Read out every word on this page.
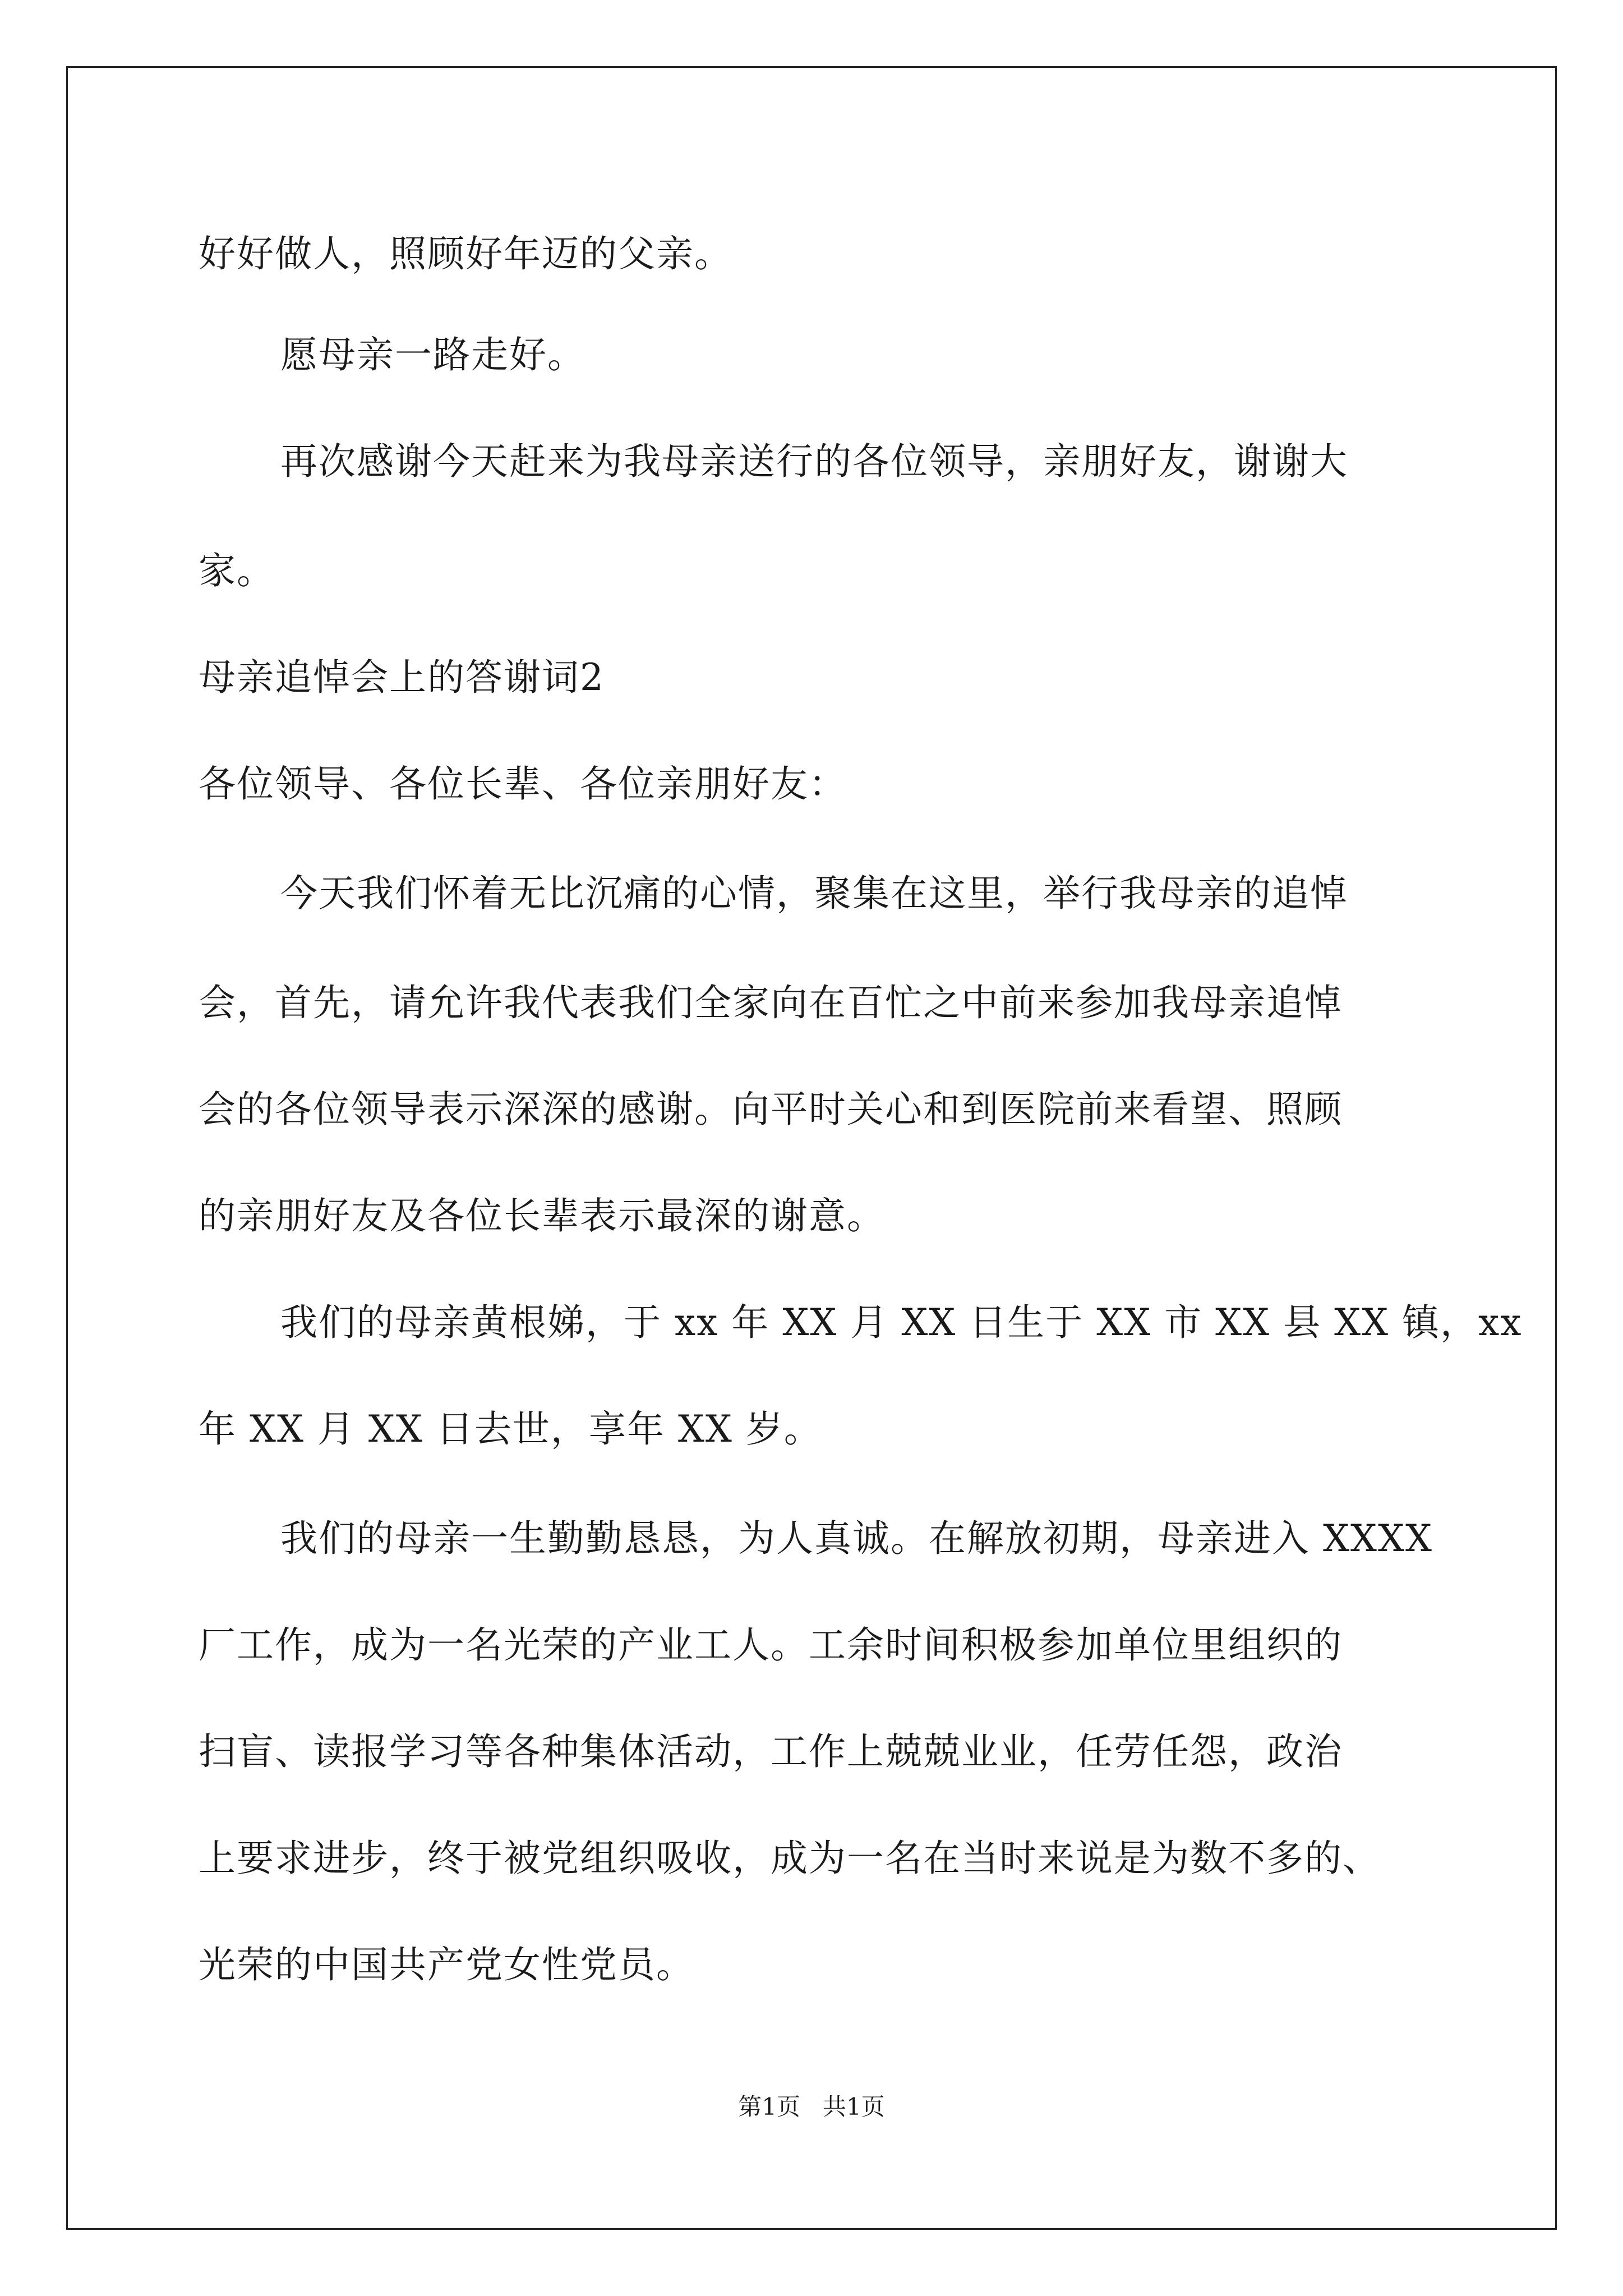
好好做人，照顾好年迈的父亲。
愿母亲一路走好。
再次感谢今天赶来为我母亲送行的各位领导，亲朋好友，谢谢大
家。
母亲追悼会上的答谢词2
各位领导、各位长辈、各位亲朋好友：
今天我们怀着无比沉痛的心情，聚集在这里，举行我母亲的追悼
会，首先，请允许我代表我们全家向在百忙之中前来参加我母亲追悼
会的各位领导表示深深的感谢。向平时关心和到医院前来看望、照顾
的亲朋好友及各位长辈表示最深的谢意。
我们的母亲黄根娣，于 xx 年 XX 月 XX 日生于 XX 市 XX 县 XX 镇，xx
年 XX 月 XX 日去世，享年 XX 岁。
我们的母亲一生勤勤恳恳，为人真诚。在解放初期，母亲进入 XXXX
厂工作，成为一名光荣的产业工人。工余时间积极参加单位里组织的
扫盲、读报学习等各种集体活动，工作上兢兢业业，任劳任怨，政治
上要求进步，终于被党组织吸收，成为一名在当时来说是为数不多的、
光荣的中国共产党女性党员。
第1页   共1页
